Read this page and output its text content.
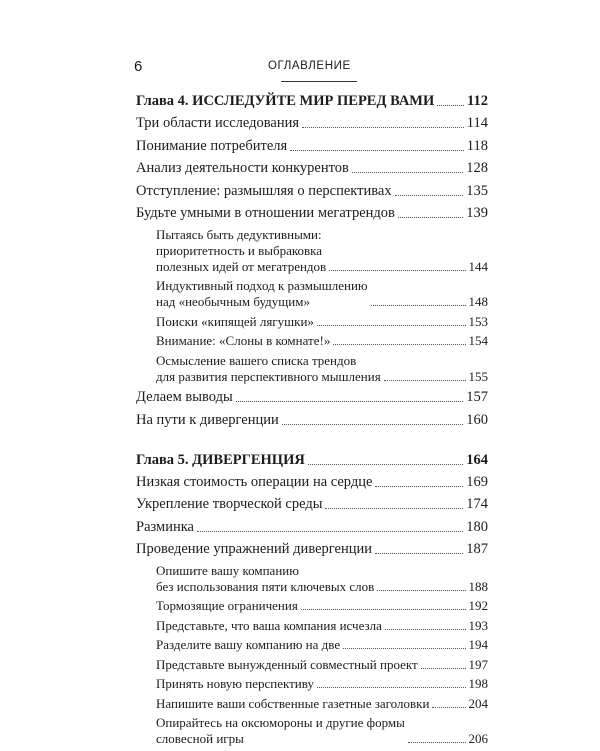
6	ОГЛАВЛЕНИЕ
Глава 4. ИССЛЕДУЙТЕ МИР ПЕРЕД ВАМИ 112
Три области исследования	114
Понимание потребителя	118
Анализ деятельности конкурентов	128
Отступление: размышляя о перспективах	135
Будьте умными в отношении мегатрендов	139
Пытаясь быть дедуктивными:
приоритетность и выбраковка
полезных идей от мегатрендов	144
Индуктивный подход к размышлению
над «необычным будущим»	148
Поиски «кипящей лягушки»	153
Внимание: «Слоны в комнате!»	154
Осмысление вашего списка трендов
для развития перспективного мышления	155
Делаем выводы	157
На пути к дивергенции	160
Глава 5. ДИВЕРГЕНЦИЯ	164
Низкая стоимость операции на сердце	169
Укрепление творческой среды	174
Разминка	180
Проведение упражнений дивергенции	187
Опишите вашу компанию
без использования пяти ключевых слов	188
Тормозящие ограничения	192
Представьте, что ваша компания исчезла	193
Разделите вашу компанию на две	194
Представьте вынужденный совместный проект	197
Принять новую перспективу	198
Напишите ваши собственные газетные заголовки	204
Опирайтесь на оксюмороны и другие формы
словесной игры	206
